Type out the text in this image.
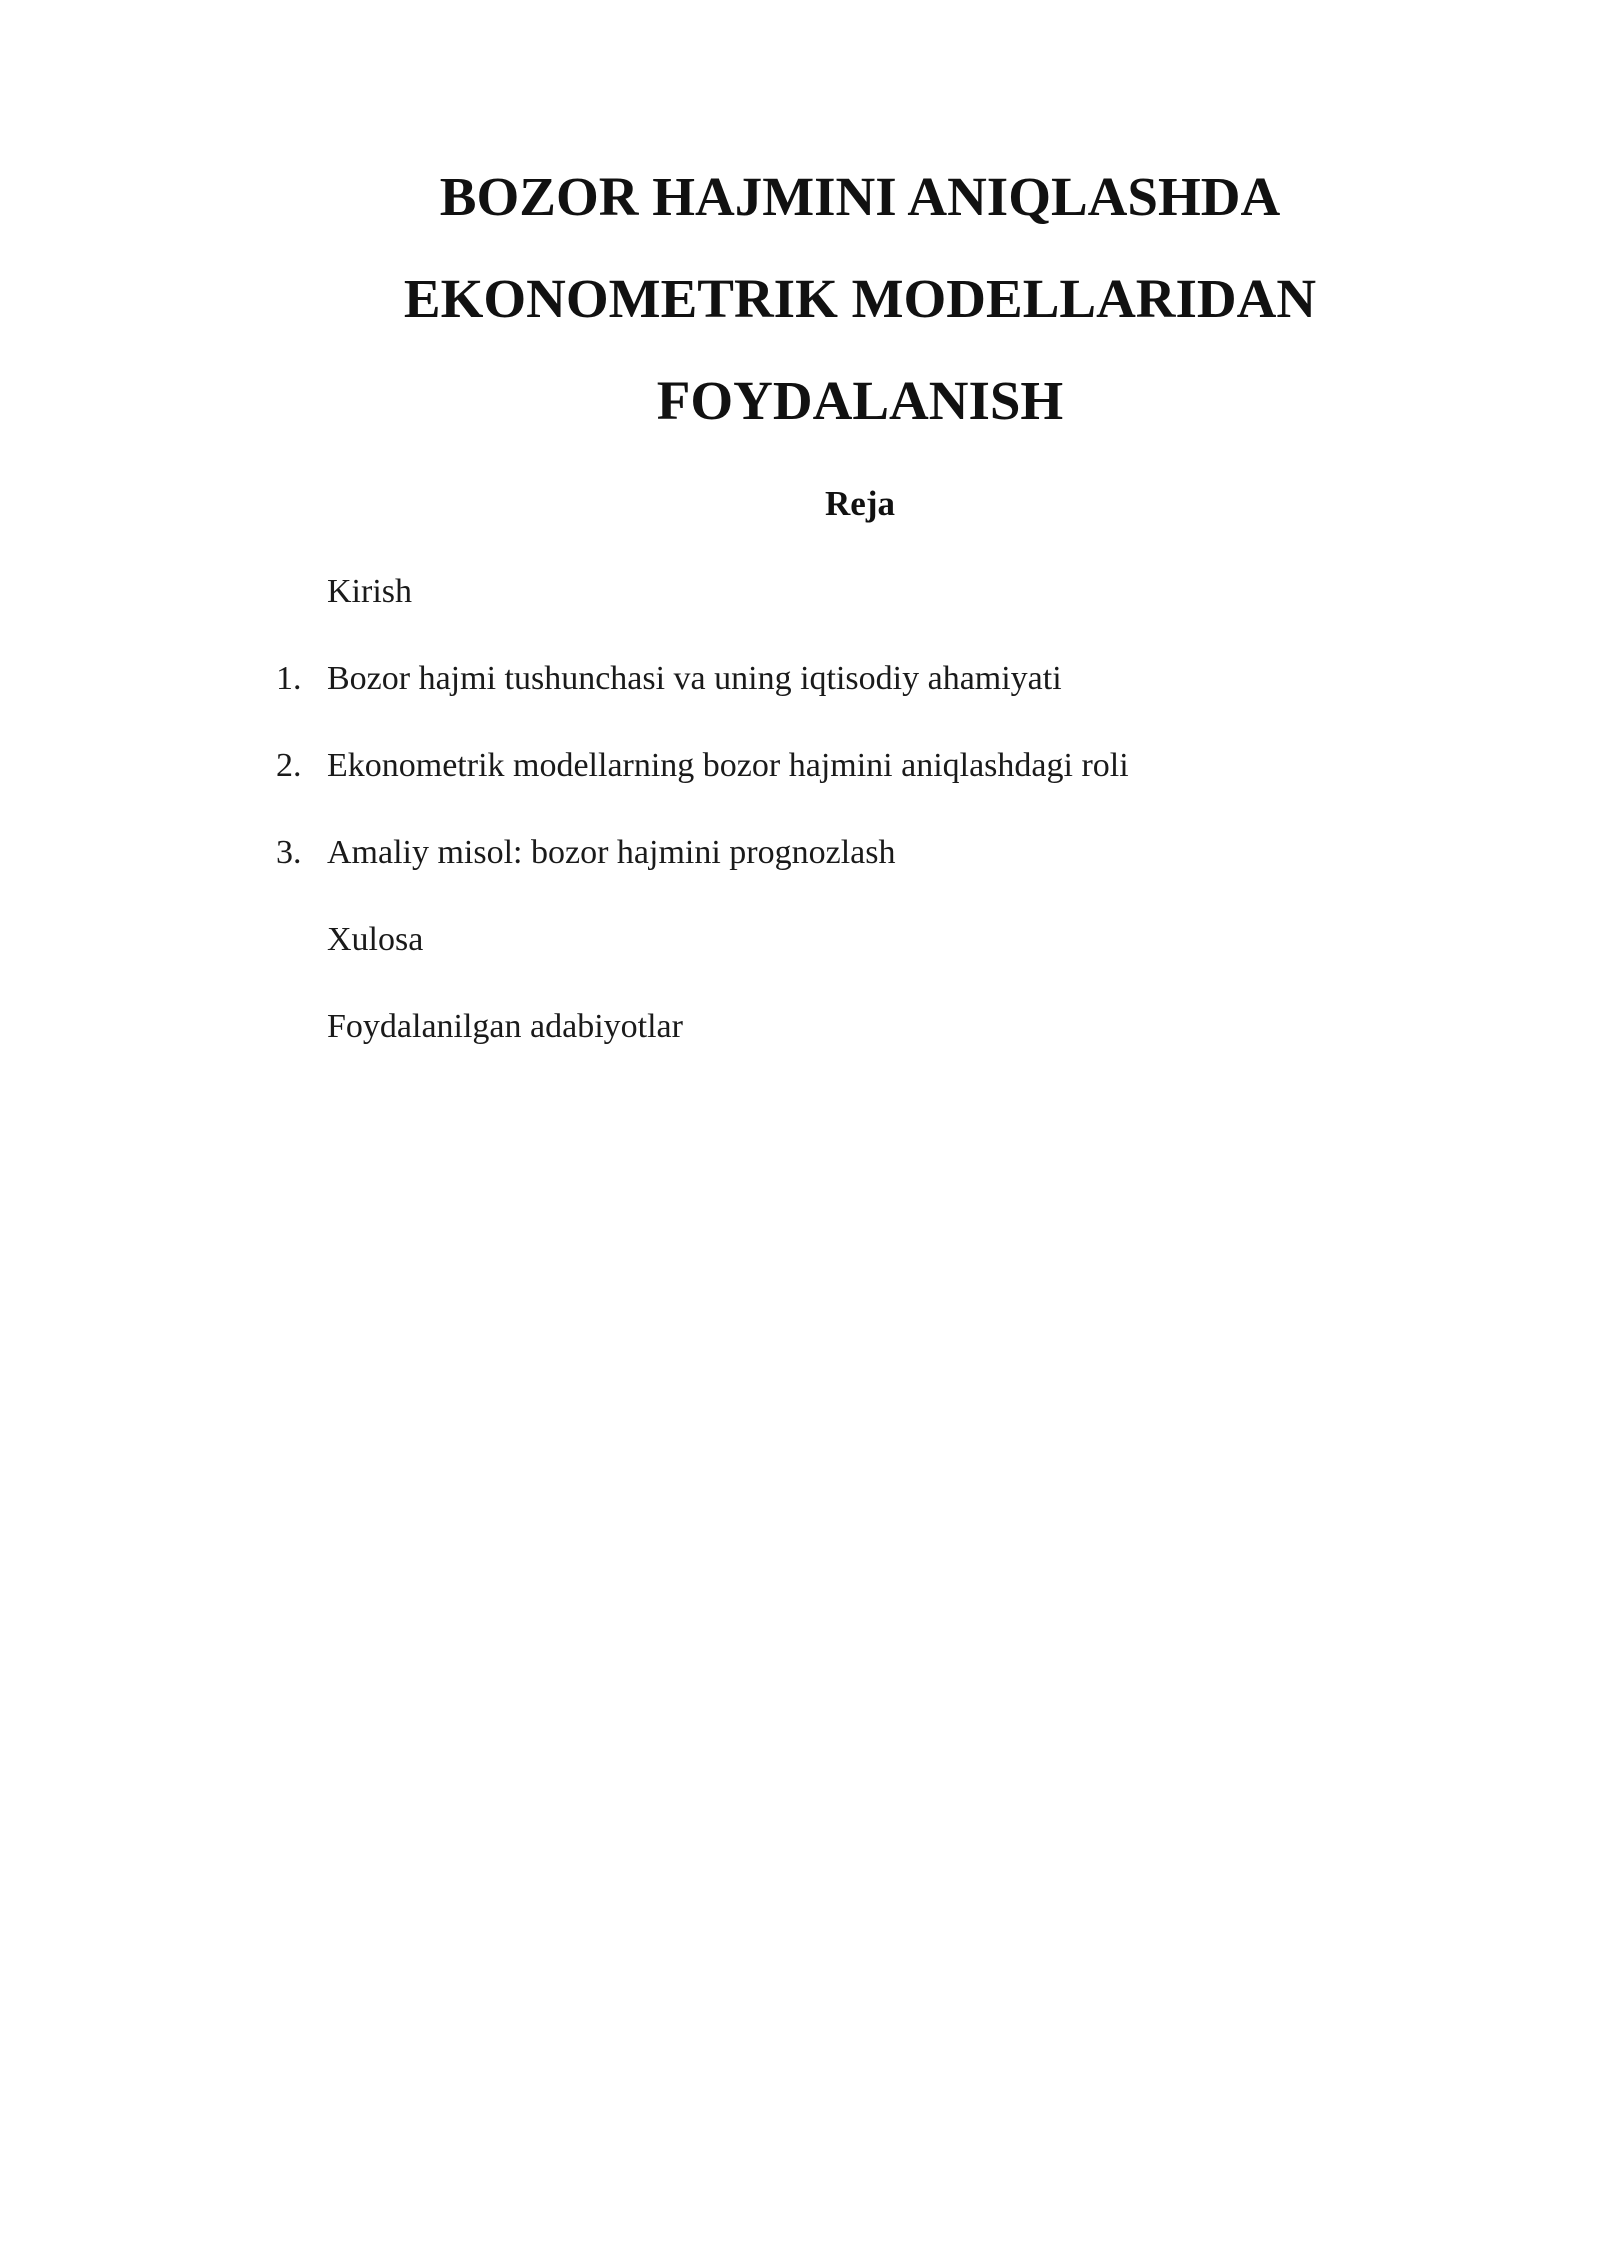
BOZOR HAJMINI ANIQLASHDA
EKONOMETRIK MODELLARIDAN
FOYDALANISH
Reja
Kirish
1. Bozor hajmi tushunchasi va uning iqtisodiy ahamiyati
2. Ekonometrik modellarning bozor hajmini aniqlashdagi roli
3. Amaliy misol: bozor hajmini prognozlash
Xulosa
Foydalanilgan adabiyotlar
